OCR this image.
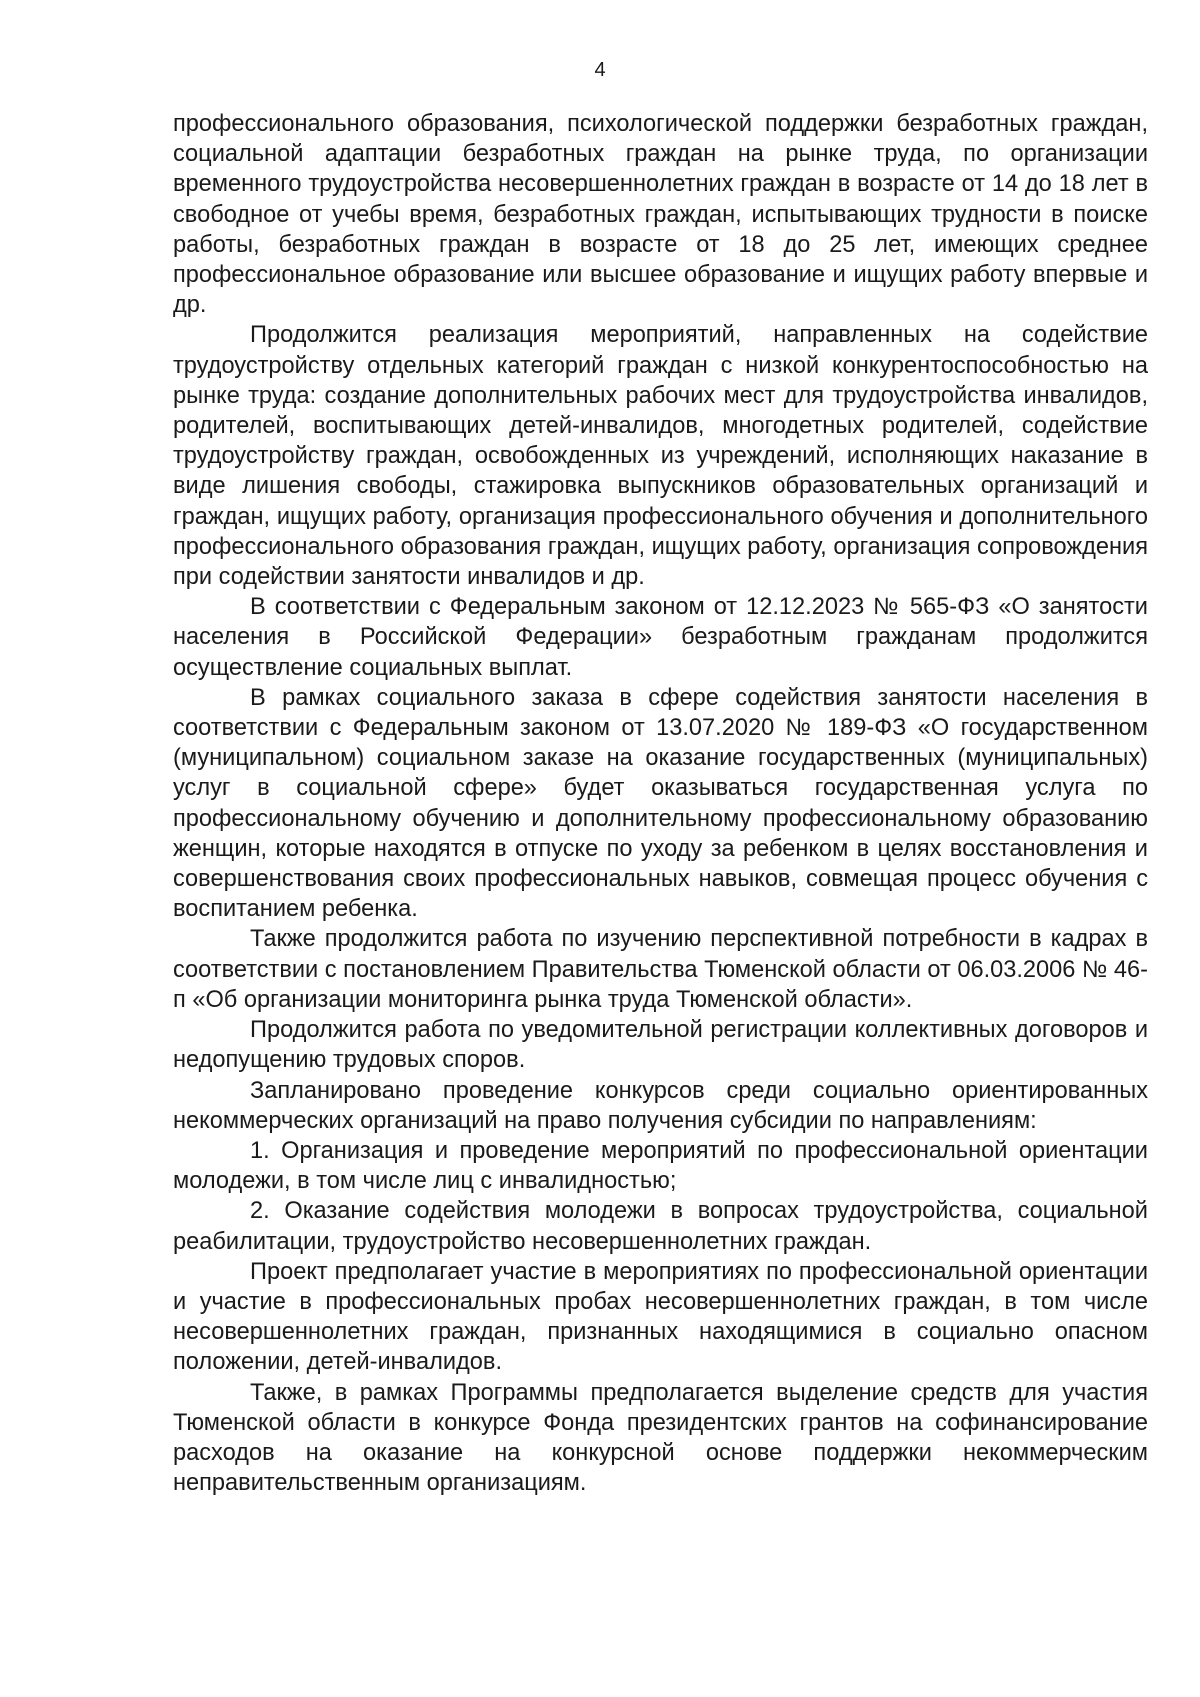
4

профессионального образования, психологической поддержки безработных граждан, социальной адаптации безработных граждан на рынке труда, по организации временного трудоустройства несовершеннолетних граждан в возрасте от 14 до 18 лет в свободное от учебы время, безработных граждан, испытывающих трудности в поиске работы, безработных граждан в возрасте от 18 до 25 лет, имеющих среднее профессиональное образование или высшее образование и ищущих работу впервые и др.

Продолжится реализация мероприятий, направленных на содействие трудоустройству отдельных категорий граждан с низкой конкурентоспособностью на рынке труда: создание дополнительных рабочих мест для трудоустройства инвалидов, родителей, воспитывающих детей-инвалидов, многодетных родителей, содействие трудоустройству граждан, освобожденных из учреждений, исполняющих наказание в виде лишения свободы, стажировка выпускников образовательных организаций и граждан, ищущих работу, организация профессионального обучения и дополнительного профессионального образования граждан, ищущих работу, организация сопровождения при содействии занятости инвалидов и др.

В соответствии с Федеральным законом от 12.12.2023 № 565-ФЗ «О занятости населения в Российской Федерации» безработным гражданам продолжится осуществление социальных выплат.

В рамках социального заказа в сфере содействия занятости населения в соответствии с Федеральным законом от 13.07.2020 № 189-ФЗ «О государственном (муниципальном) социальном заказе на оказание государственных (муниципальных) услуг в социальной сфере» будет оказываться государственная услуга по профессиональному обучению и дополнительному профессиональному образованию женщин, которые находятся в отпуске по уходу за ребенком в целях восстановления и совершенствования своих профессиональных навыков, совмещая процесс обучения с воспитанием ребенка.

Также продолжится работа по изучению перспективной потребности в кадрах в соответствии с постановлением Правительства Тюменской области от 06.03.2006 № 46-п «Об организации мониторинга рынка труда Тюменской области».

Продолжится работа по уведомительной регистрации коллективных договоров и недопущению трудовых споров.

Запланировано проведение конкурсов среди социально ориентированных некоммерческих организаций на право получения субсидии по направлениям:

1. Организация и проведение мероприятий по профессиональной ориентации молодежи, в том числе лиц с инвалидностью;

2. Оказание содействия молодежи в вопросах трудоустройства, социальной реабилитации, трудоустройство несовершеннолетних граждан.

Проект предполагает участие в мероприятиях по профессиональной ориентации и участие в профессиональных пробах несовершеннолетних граждан, в том числе несовершеннолетних граждан, признанных находящимися в социально опасном положении, детей-инвалидов.

Также, в рамках Программы предполагается выделение средств для участия Тюменской области в конкурсе Фонда президентских грантов на софинансирование расходов на оказание на конкурсной основе поддержки некоммерческим неправительственным организациям.
